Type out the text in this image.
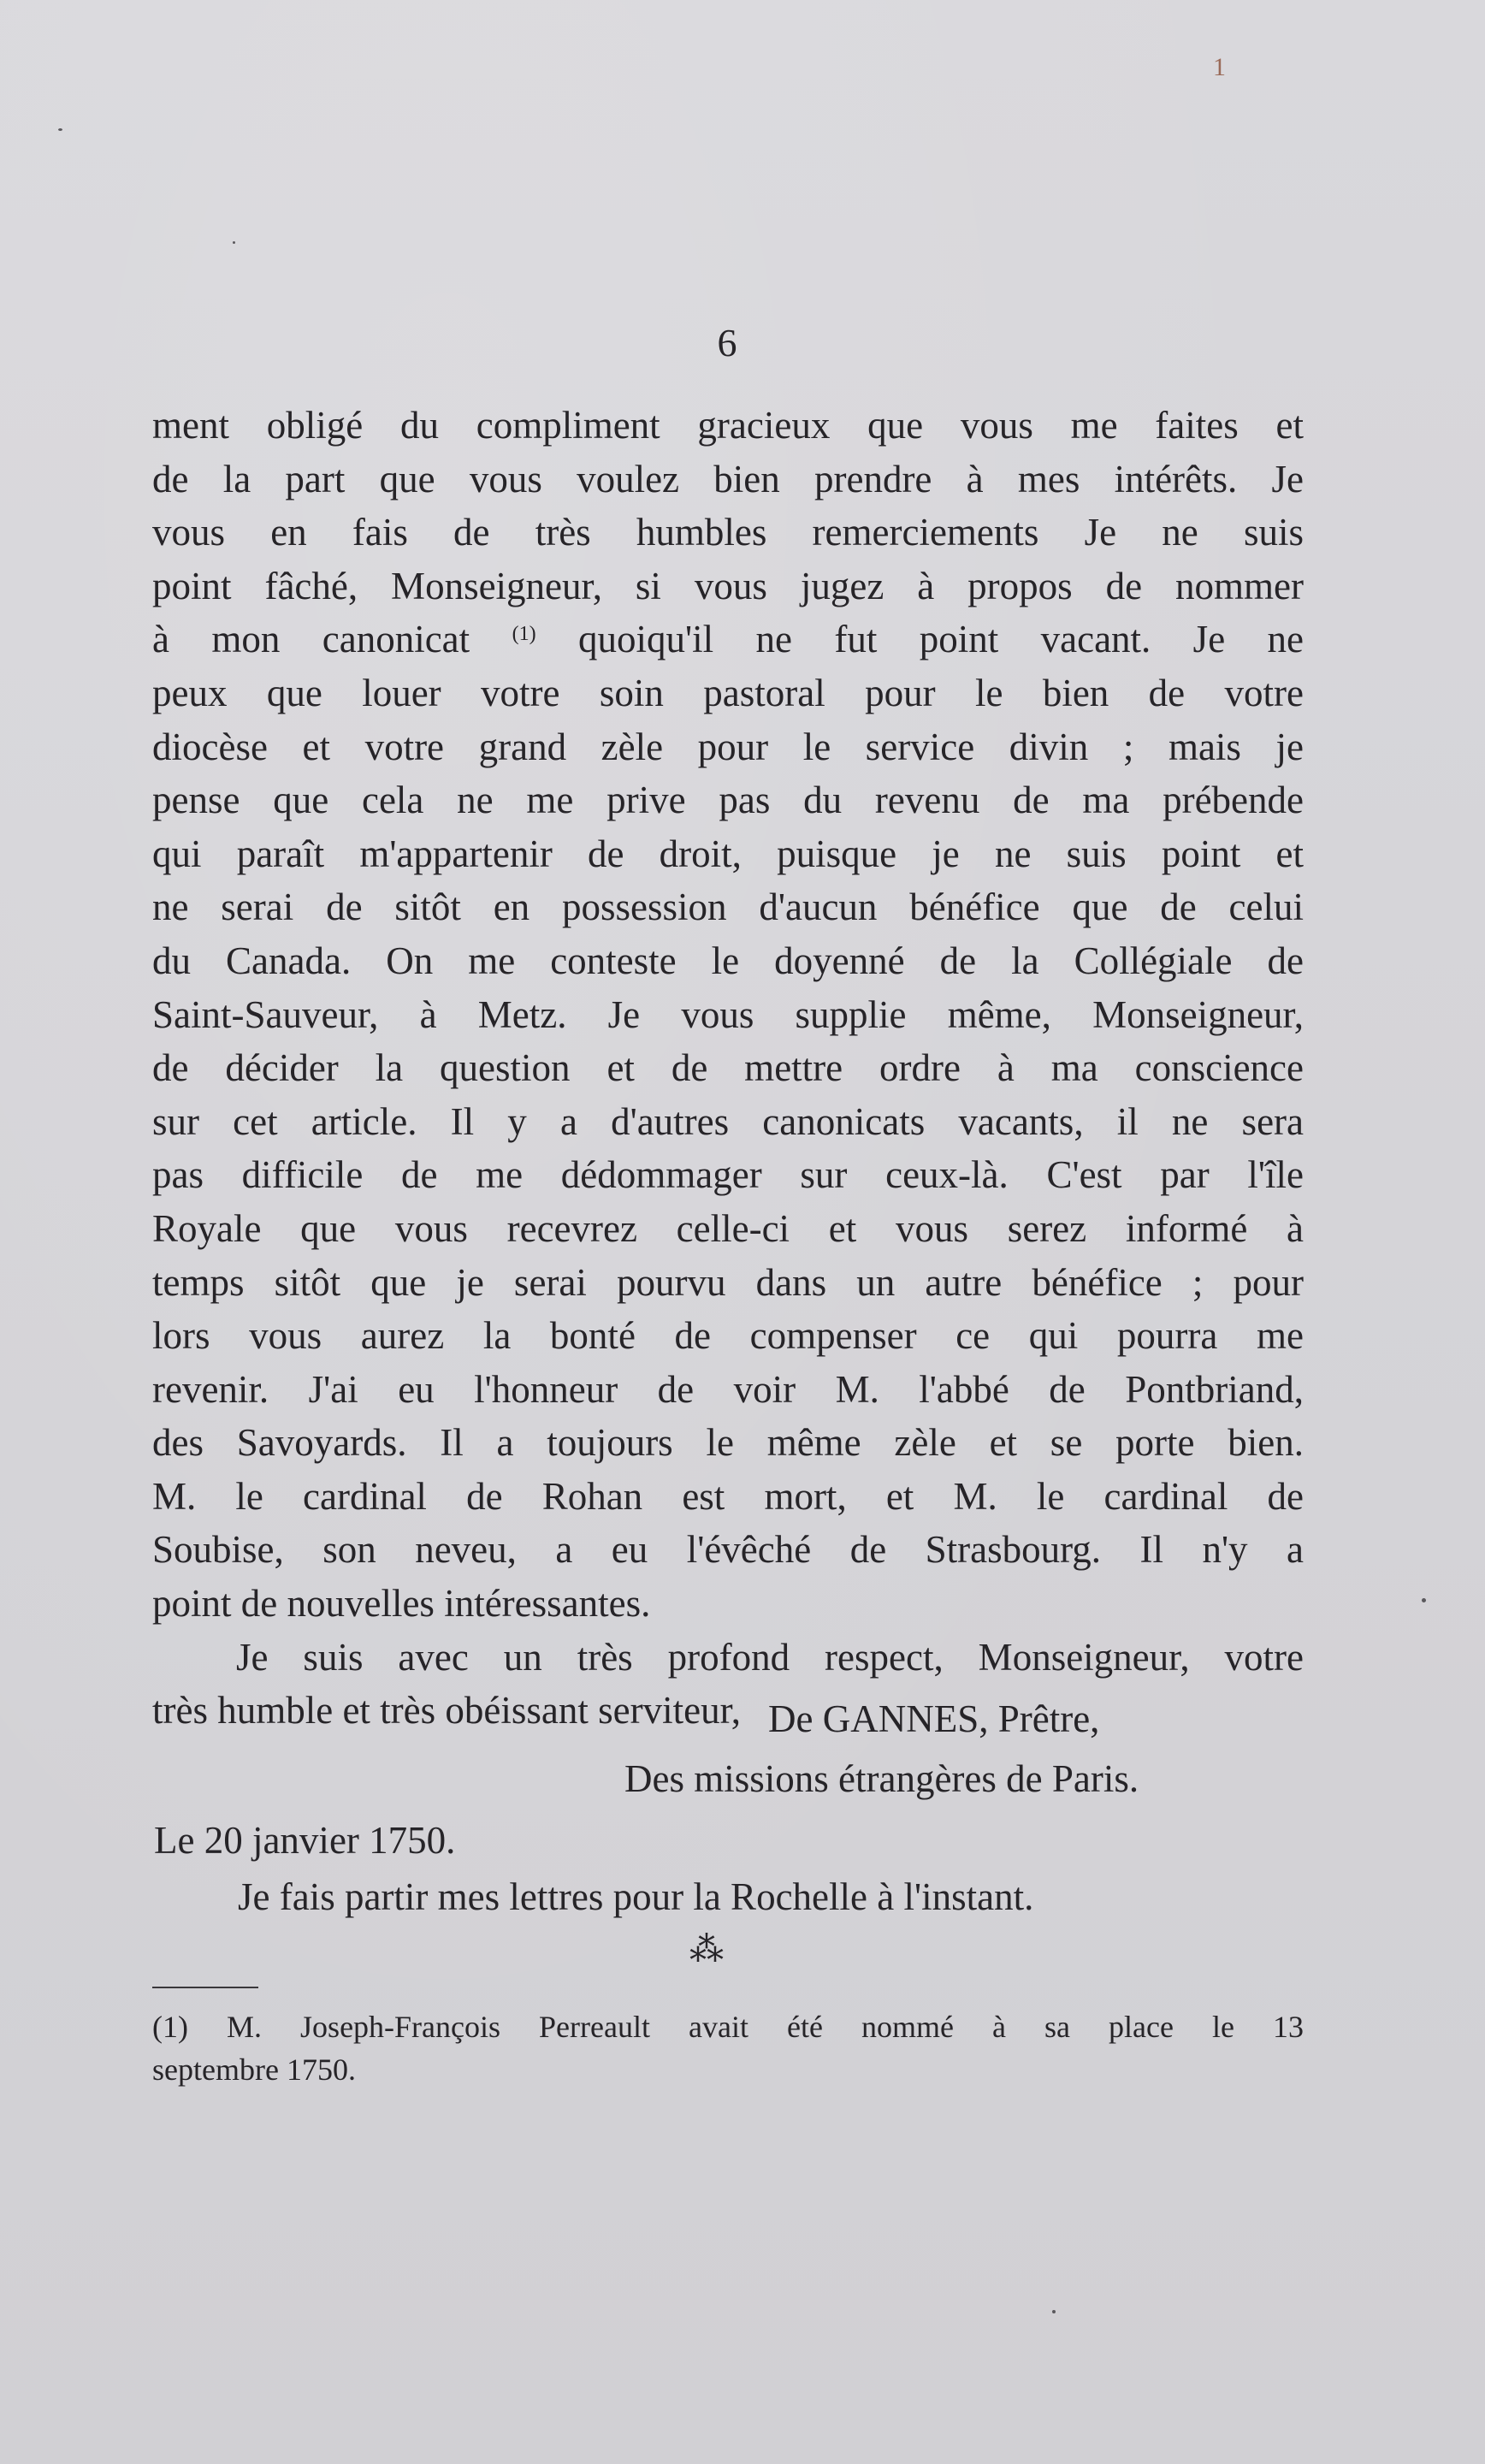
1
6
ment obligé du compliment gracieux que vous me faites et
de la part que vous voulez bien prendre à mes intérêts. Je
vous en fais de très humbles remerciements Je ne suis
point fâché, Monseigneur, si vous jugez à propos de nommer
à mon canonicat $^{(1)}$ quoiqu'il ne fut point vacant. Je ne
peux que louer votre soin pastoral pour le bien de votre
diocèse et votre grand zèle pour le service divin ; mais je
pense que cela ne me prive pas du revenu de ma prébende
qui paraît m'appartenir de droit, puisque je ne suis point et
ne serai de sitôt en possession d'aucun bénéfice que de celui
du Canada. On me conteste le doyenné de la Collégiale de
Saint-Sauveur, à Metz. Je vous supplie même, Monseigneur,
de décider la question et de mettre ordre à ma conscience
sur cet article. Il y a d'autres canonicats vacants, il ne sera
pas difficile de me dédommager sur ceux-là. C'est par l'île
Royale que vous recevrez celle-ci et vous serez informé à
temps sitôt que je serai pourvu dans un autre bénéfice ; pour
lors vous aurez la bonté de compenser ce qui pourra me
revenir. J'ai eu l'honneur de voir M. l'abbé de Pontbriand,
des Savoyards. Il a toujours le même zèle et se porte bien.
M. le cardinal de Rohan est mort, et M. le cardinal de
Soubise, son neveu, a eu l'évêché de Strasbourg. Il n'y a
point de nouvelles intéressantes.
Je suis avec un très profond respect, Monseigneur, votre
très humble et très obéissant serviteur, De GANNES, Prêtre,
Des missions étrangères de Paris.
Le 20 janvier 1750.
Je fais partir mes lettres pour la Rochelle à l'instant.
⁂
(1) M. Joseph-François Perreault avait été nommé à sa place le 13
septembre 1750.
